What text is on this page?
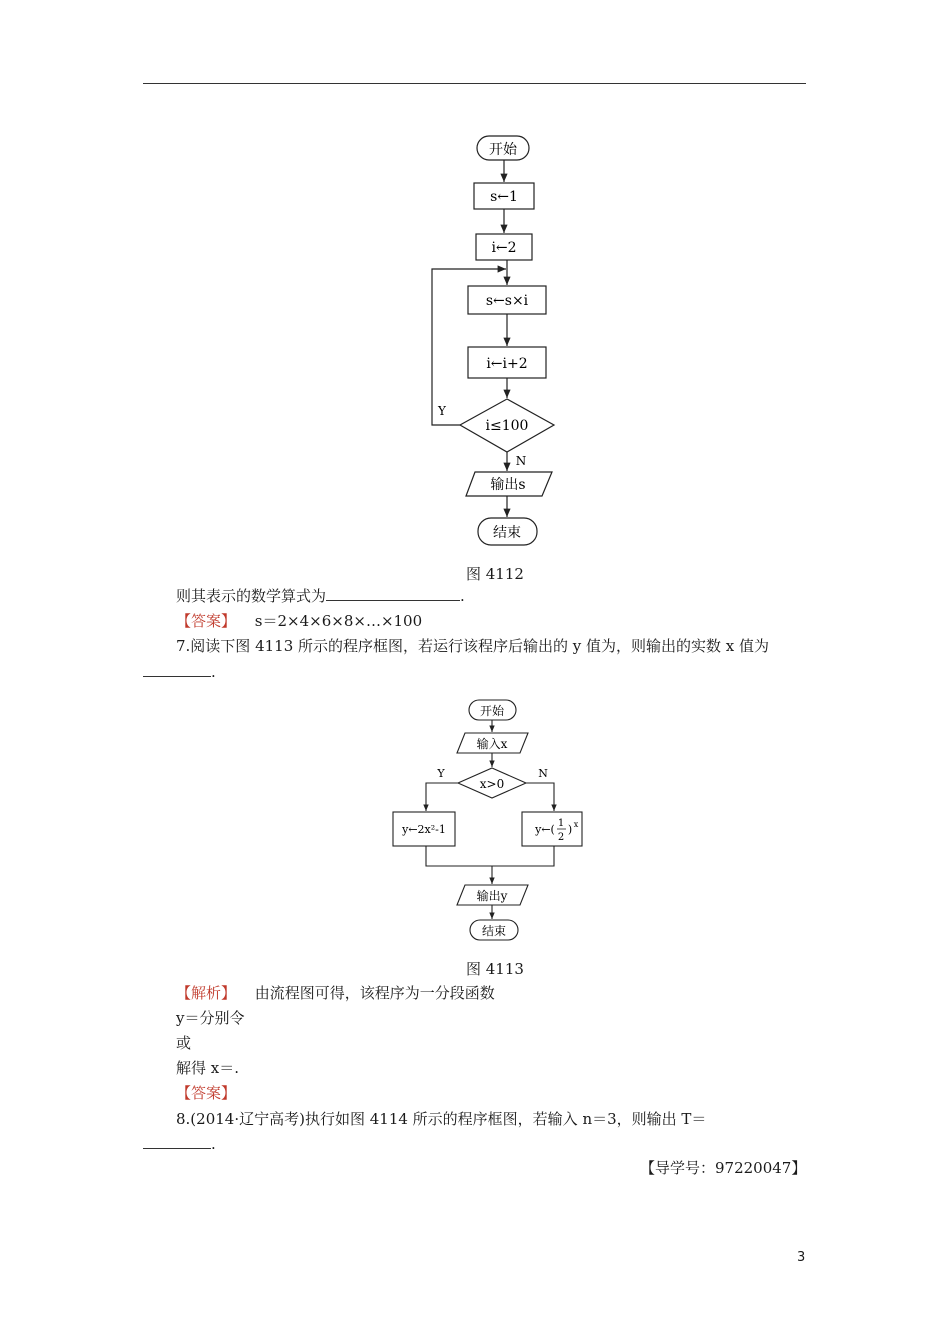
开始
s←1
i←2
s←s×i
i←i+2
i≤100
Y
N
输出s
结束
图 4112
则其表示的数学算式为	.
【答案】 s＝2×4×6×8×…×100
7.阅读下图 4113 所示的程序框图，若运行该程序后输出的 y 值为，则输出的实数 x 值为
.
开始
输入x
x>0
Y	N
y←2x²-1	y←( 1
2
) x
输出y
结束
图 4113
【解析】 由流程图可得，该程序为一分段函数
y＝分别令
或
解得 x＝.
【答案】
8.(2014·辽宁高考)执行如图 4114 所示的程序框图，若输入 n＝3，则输出 T＝
.
【导学号：97220047】
3
